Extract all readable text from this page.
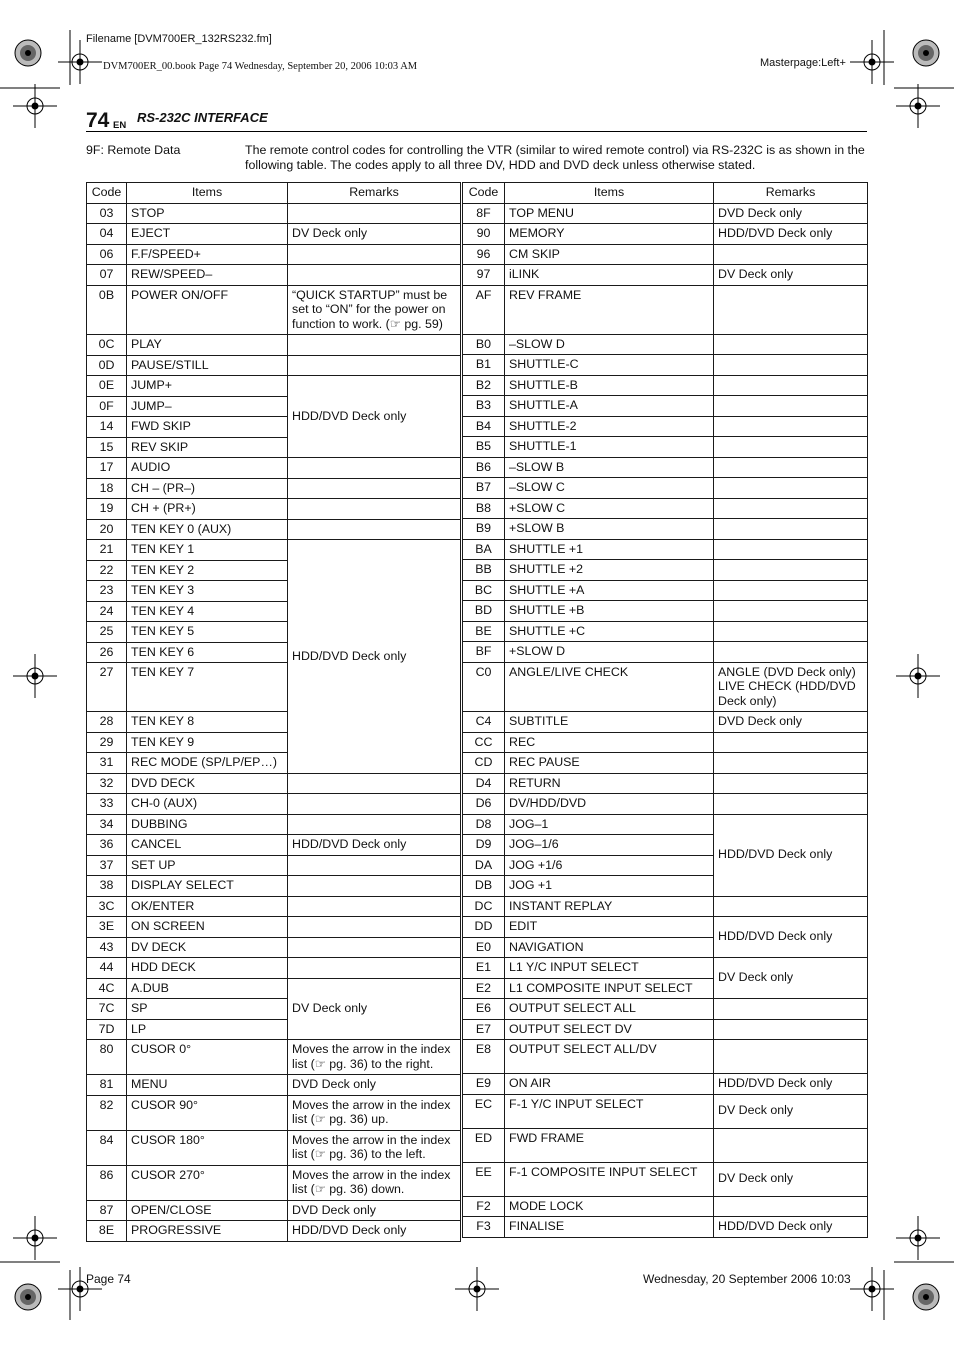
Filename [DVM700ER_132RS232.fm]
DVM700ER_00.book Page 74 Wednesday, September 20, 2006 10:03 AM	Masterpage:Left+
74 EN
RS-232C INTERFACE
9F: Remote Data	The remote control codes for controlling the VTR (similar to wired remote control) via RS-232C is as shown in the following table. The codes apply to all three DV, HDD and DVD deck unless otherwise stated.
Code	Items	Remarks
03	STOP	
04	EJECT	DV Deck only
06	F.F/SPEED+	
07	REW/SPEED–	
0B	POWER ON/OFF	“QUICK STARTUP” must be set to “ON” for the power on function to work. (☞ pg. 59)
0C	PLAY	
0D	PAUSE/STILL	
0E	JUMP+	HDD/DVD Deck only
0F	JUMP–	
14	FWD SKIP	
15	REV SKIP	
17	AUDIO	
18	CH – (PR–)	
19	CH + (PR+)	
20	TEN KEY 0 (AUX)	
21	TEN KEY 1	HDD/DVD Deck only
22	TEN KEY 2	
23	TEN KEY 3	
24	TEN KEY 4	
25	TEN KEY 5	
26	TEN KEY 6	
27	TEN KEY 7	
28	TEN KEY 8	
29	TEN KEY 9	
31	REC MODE (SP/LP/EP…)	
32	DVD DECK	
33	CH-0 (AUX)	
34	DUBBING	
36	CANCEL	HDD/DVD Deck only
37	SET UP	
38	DISPLAY SELECT	
3C	OK/ENTER	
3E	ON SCREEN	
43	DV DECK	
44	HDD DECK	
4C	A.DUB	DV Deck only
7C	SP	
7D	LP	
80	CUSOR 0°	Moves the arrow in the index list (☞ pg. 36) to the right.
81	MENU	DVD Deck only
82	CUSOR 90°	Moves the arrow in the index list (☞ pg. 36) up.
84	CUSOR 180°	Moves the arrow in the index list (☞ pg. 36) to the left.
86	CUSOR 270°	Moves the arrow in the index list (☞ pg. 36) down.
87	OPEN/CLOSE	DVD Deck only
8E	PROGRESSIVE	HDD/DVD Deck only
Code	Items	Remarks
8F	TOP MENU	DVD Deck only
90	MEMORY	HDD/DVD Deck only
96	CM SKIP	
97	iLINK	DV Deck only
AF	REV FRAME	
B0	–SLOW D	
B1	SHUTTLE-C	
B2	SHUTTLE-B	
B3	SHUTTLE-A	
B4	SHUTTLE-2	
B5	SHUTTLE-1	
B6	–SLOW B	
B7	–SLOW C	
B8	+SLOW C	
B9	+SLOW B	
BA	SHUTTLE +1	
BB	SHUTTLE +2	
BC	SHUTTLE +A	
BD	SHUTTLE +B	
BE	SHUTTLE +C	
BF	+SLOW D	
C0	ANGLE/LIVE CHECK	ANGLE (DVD Deck only) LIVE CHECK (HDD/DVD Deck only)
C4	SUBTITLE	DVD Deck only
CC	REC	
CD	REC PAUSE	
D4	RETURN	
D6	DV/HDD/DVD	
D8	JOG–1	HDD/DVD Deck only
D9	JOG–1/6	
DA	JOG +1/6	
DB	JOG +1	
DC	INSTANT REPLAY	
DD	EDIT	HDD/DVD Deck only
E0	NAVIGATION	
E1	L1 Y/C INPUT SELECT	DV Deck only
E2	L1 COMPOSITE INPUT SELECT	
E6	OUTPUT SELECT ALL	
E7	OUTPUT SELECT DV	
E8	OUTPUT SELECT ALL/DV	
E9	ON AIR	HDD/DVD Deck only
EC	F-1 Y/C INPUT SELECT	DV Deck only
ED	FWD FRAME	
EE	F-1 COMPOSITE INPUT SELECT	DV Deck only
F2	MODE LOCK	
F3	FINALISE	HDD/DVD Deck only
Page 74	Wednesday, 20 September 2006 10:03
